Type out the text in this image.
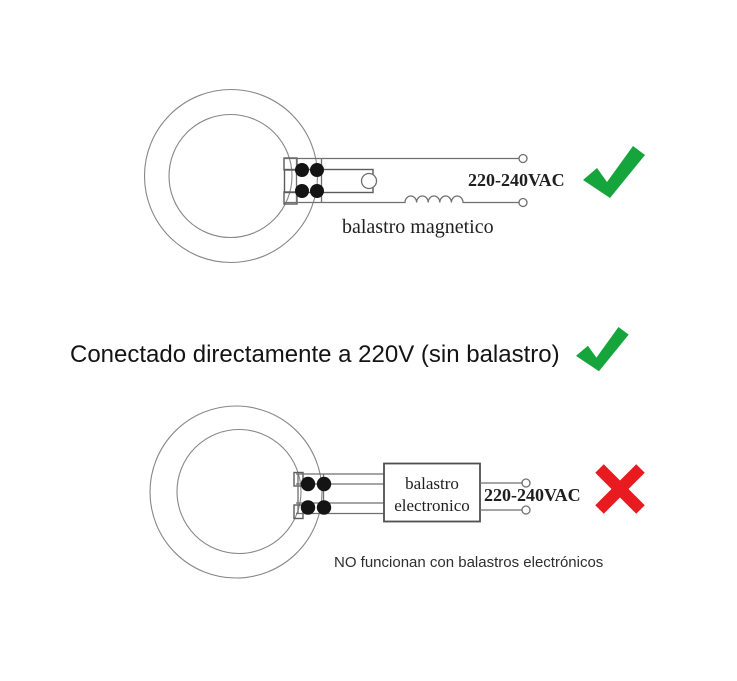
220-240VAC
balastro magnetico
Conectado directamente a 220V (sin balastro)
balastro
electronico
220-240VAC
NO funcionan con balastros electrónicos
